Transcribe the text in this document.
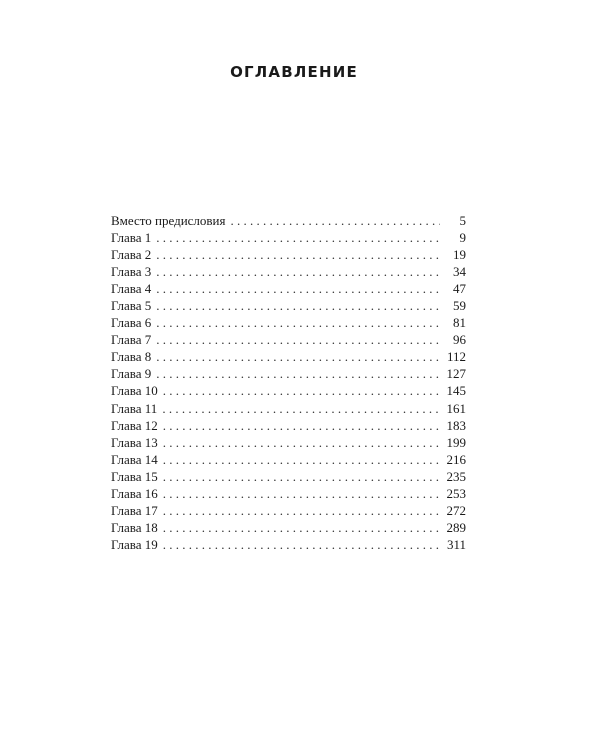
ОГЛАВЛЕНИЕ
Вместо предисловия . . .	5
Глава 1 . . .	9
Глава 2 . . .	19
Глава 3 . . .	34
Глава 4 . . .	47
Глава 5 . . .	59
Глава 6 . . .	81
Глава 7 . . .	96
Глава 8 . . .	112
Глава 9 . . .	127
Глава 10 . . .	145
Глава 11 . . .	161
Глава 12 . . .	183
Глава 13 . . .	199
Глава 14 . . .	216
Глава 15 . . .	235
Глава 16 . . .	253
Глава 17 . . .	272
Глава 18 . . .	289
Глава 19 . . .	311
